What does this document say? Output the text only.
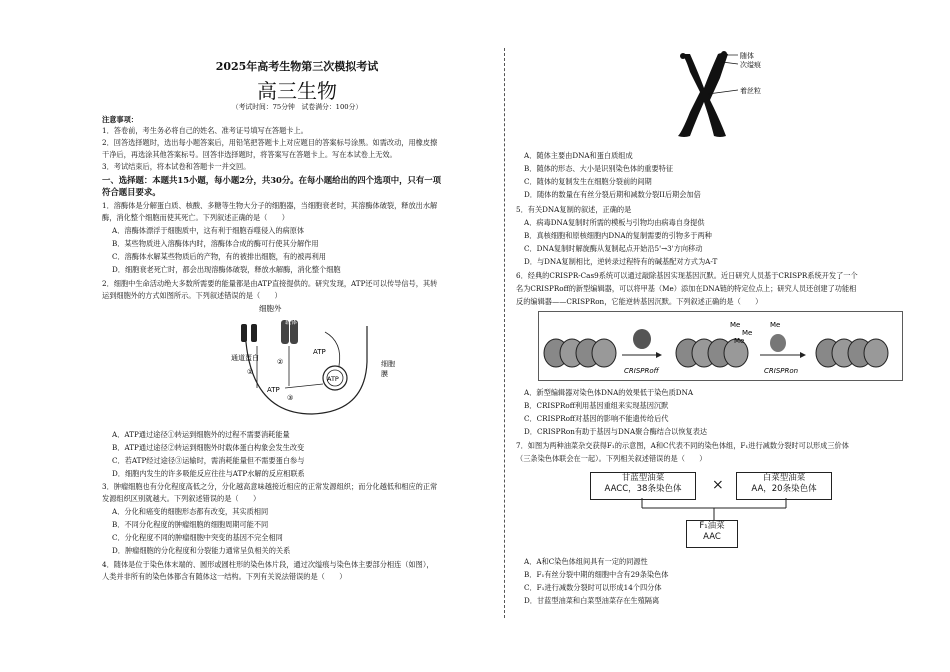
2025年高考生物第三次模拟考试
高三生物
（考试时间：75分钟　试卷满分：100分）
注意事项：
1．答卷前，考生务必将自己的姓名、准考证号填写在答题卡上。
2．回答选择题时，选出每小题答案后，用铅笔把答题卡上对应题目的答案标号涂黑。如需改动，用橡皮擦
干净后，再选涂其他答案标号。回答非选择题时，将答案写在答题卡上。写在本试卷上无效。
3．考试结束后，将本试卷和答题卡一并交回。
一、选择题：本题共15小题，每小题2分，共30分。在每小题给出的四个选项中，只有一项
符合题目要求。
1．溶酶体是分解蛋白质、核酸、多糖等生物大分子的细胞器，当细胞衰老时，其溶酶体破裂，释放出水解
酶，消化整个细胞而使其死亡。下列叙述正确的是（　　）
A．溶酶体漂浮于细胞质中，这有利于细胞吞噬侵入的病原体
B．某些物质进入溶酶体内时，溶酶体合成的酶可行使其分解作用
C．溶酶体水解某些物质后的产物，有的被排出细胞，有的被再利用
D．细胞衰老死亡时，都会出现溶酶体破裂，释放水解酶，消化整个细胞
2．细胞中生命活动绝大多数所需要的能量都是由ATP直接提供的。研究发现，ATP还可以传导信号，其转
运到细胞外的方式如图所示。下列叙述错误的是（　　）
细胞外
载体
通道蛋白
①
②
③
ATP
ATP
ATP
细胞
膜
A．ATP通过途径①转运到细胞外的过程不需要消耗能量
B．ATP通过途径②转运到细胞外时载体蛋白构象会发生改变
C．若ATP经过途径③运输时，需消耗能量但不需要蛋白参与
D．细胞内发生的许多吸能反应往往与ATP水解的反应相联系
3．肿瘤细胞也有分化程度高低之分，分化越高意味越接近相应的正常发源组织；而分化越低和相应的正常
发源组织区别就越大。下列叙述错误的是（　　）
A．分化和癌变的细胞形态都有改变，其实质相同
B．不同分化程度的肿瘤细胞的细胞周期可能不同
C．分化程度不同的肿瘤细胞中突变的基因不完全相同
D．肿瘤细胞的分化程度和分裂能力通常呈负相关的关系
4．随体是位于染色体末端的、圆形或圆柱形的染色体片段，通过次缢痕与染色体主要部分相连（如图），
人类并非所有的染色体都含有随体这一结构。下列有关说法错误的是（　　）
随体
次缢痕
着丝粒
A．随体主要由DNA和蛋白质组成
B．随体的形态、大小是识别染色体的重要特征
C．随体的复制发生在细胞分裂前的间期
D．随体的数量在有丝分裂后期和减数分裂II后期会加倍
5．有关DNA复制的叙述，正确的是
A．病毒DNA复制时所需的模板与引物均由病毒自身提供
B．真核细胞和原核细胞内DNA的复制需要的引物多于两种
C．DNA复制时解旋酶从复制起点开始沿5'→3'方向移动
D．与DNA复制相比，逆转录过程特有的碱基配对方式为A-T
6．经典的CRISPR-Cas9系统可以通过敲除基因实现基因沉默。近日研究人员基于CRISPR系统开发了一个
名为CRISPRoff的新型编辑器，可以将甲基（Me）添加在DNA链的特定位点上；研究人员还创建了功能相
反的编辑器——CRISPRon，它能逆转基因沉默。下列叙述正确的是（　　）
CRISPRoff
Me
Me
Me
Me
CRISPRon
A．新型编辑器对染色体DNA的效果低于染色质DNA
B．CRISPRoff利用基因重组来实现基因沉默
C．CRISPRoff对基因的影响不能遗传给后代
D．CRISPRon有助于基因与DNA聚合酶结合以恢复表达
7．如图为两种油菜杂交获得F₁的示意图，A和C代表不同的染色体组，F₁进行减数分裂时可以形成三价体
（三条染色体联会在一起）。下列相关叙述错误的是（　　）
甘蓝型油菜
AACC，38条染色体	×	白菜型油菜
AA，20条染色体
F₁油菜
AAC
A．A和C染色体组间具有一定的同源性
B．F₁有丝分裂中期的细胞中含有29条染色体
C．F₁进行减数分裂时可以形成14个四分体
D．甘蓝型油菜和白菜型油菜存在生殖隔离
